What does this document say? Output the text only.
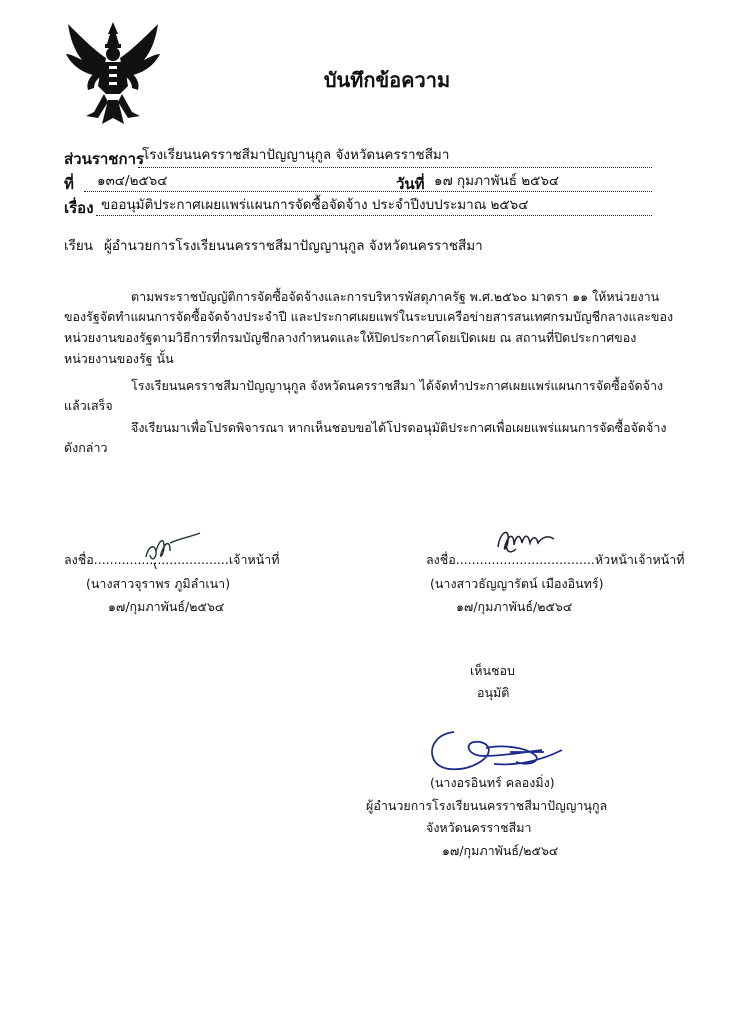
บันทึกข้อความ
ส่วนราชการ
โรงเรียนนครราชสีมาปัญญานุกูล จังหวัดนครราชสีมา
ที่ ๑๓๔/๒๕๖๔	วันที่ ๑๗ กุมภาพันธ์ ๒๕๖๔
เรื่อง ขออนุมัติประกาศเผยแพร่แผนการจัดซื้อจัดจ้าง ประจำปีงบประมาณ ๒๕๖๔
เรียน ผู้อำนวยการโรงเรียนนครราชสีมาปัญญานุกูล จังหวัดนครราชสีมา
ตามพระราชบัญญัติการจัดซื้อจัดจ้างและการบริหารพัสดุภาครัฐ พ.ศ.๒๕๖๐ มาตรา ๑๑ ให้หน่วยงาน
ของรัฐจัดทำแผนการจัดซื้อจัดจ้างประจำปี และประกาศเผยแพร่ในระบบเครือข่ายสารสนเทศกรมบัญชีกลางและของ
หน่วยงานของรัฐตามวิธีการที่กรมบัญชีกลางกำหนดและให้ปิดประกาศโดยเปิดเผย ณ สถานที่ปิดประกาศของ
หน่วยงานของรัฐ นั้น
โรงเรียนนครราชสีมาปัญญานุกูล จังหวัดนครราชสีมา ได้จัดทำประกาศเผยแพร่แผนการจัดซื้อจัดจ้าง
แล้วเสร็จ
จึงเรียนมาเพื่อโปรดพิจารณา หากเห็นชอบขอได้โปรดอนุมัติประกาศเพื่อเผยแพร่แผนการจัดซื้อจัดจ้าง
ดังกล่าว
ลงชื่อ..................................เจ้าหน้าที่
(นางสาวจุราพร ภูมิลำเนา)
๑๗/กุมภาพันธ์/๒๕๖๔
ลงชื่อ...................................หัวหน้าเจ้าหน้าที่
(นางสาวธัญญารัตน์ เมืองอินทร์)
๑๗/กุมภาพันธ์/๒๕๖๔
เห็นชอบ
อนุมัติ
(นางอรอินทร์ คลองมิ่ง)
ผู้อำนวยการโรงเรียนนครราชสีมาปัญญานุกูล
จังหวัดนครราชสีมา
๑๗/กุมภาพันธ์/๒๕๖๔
